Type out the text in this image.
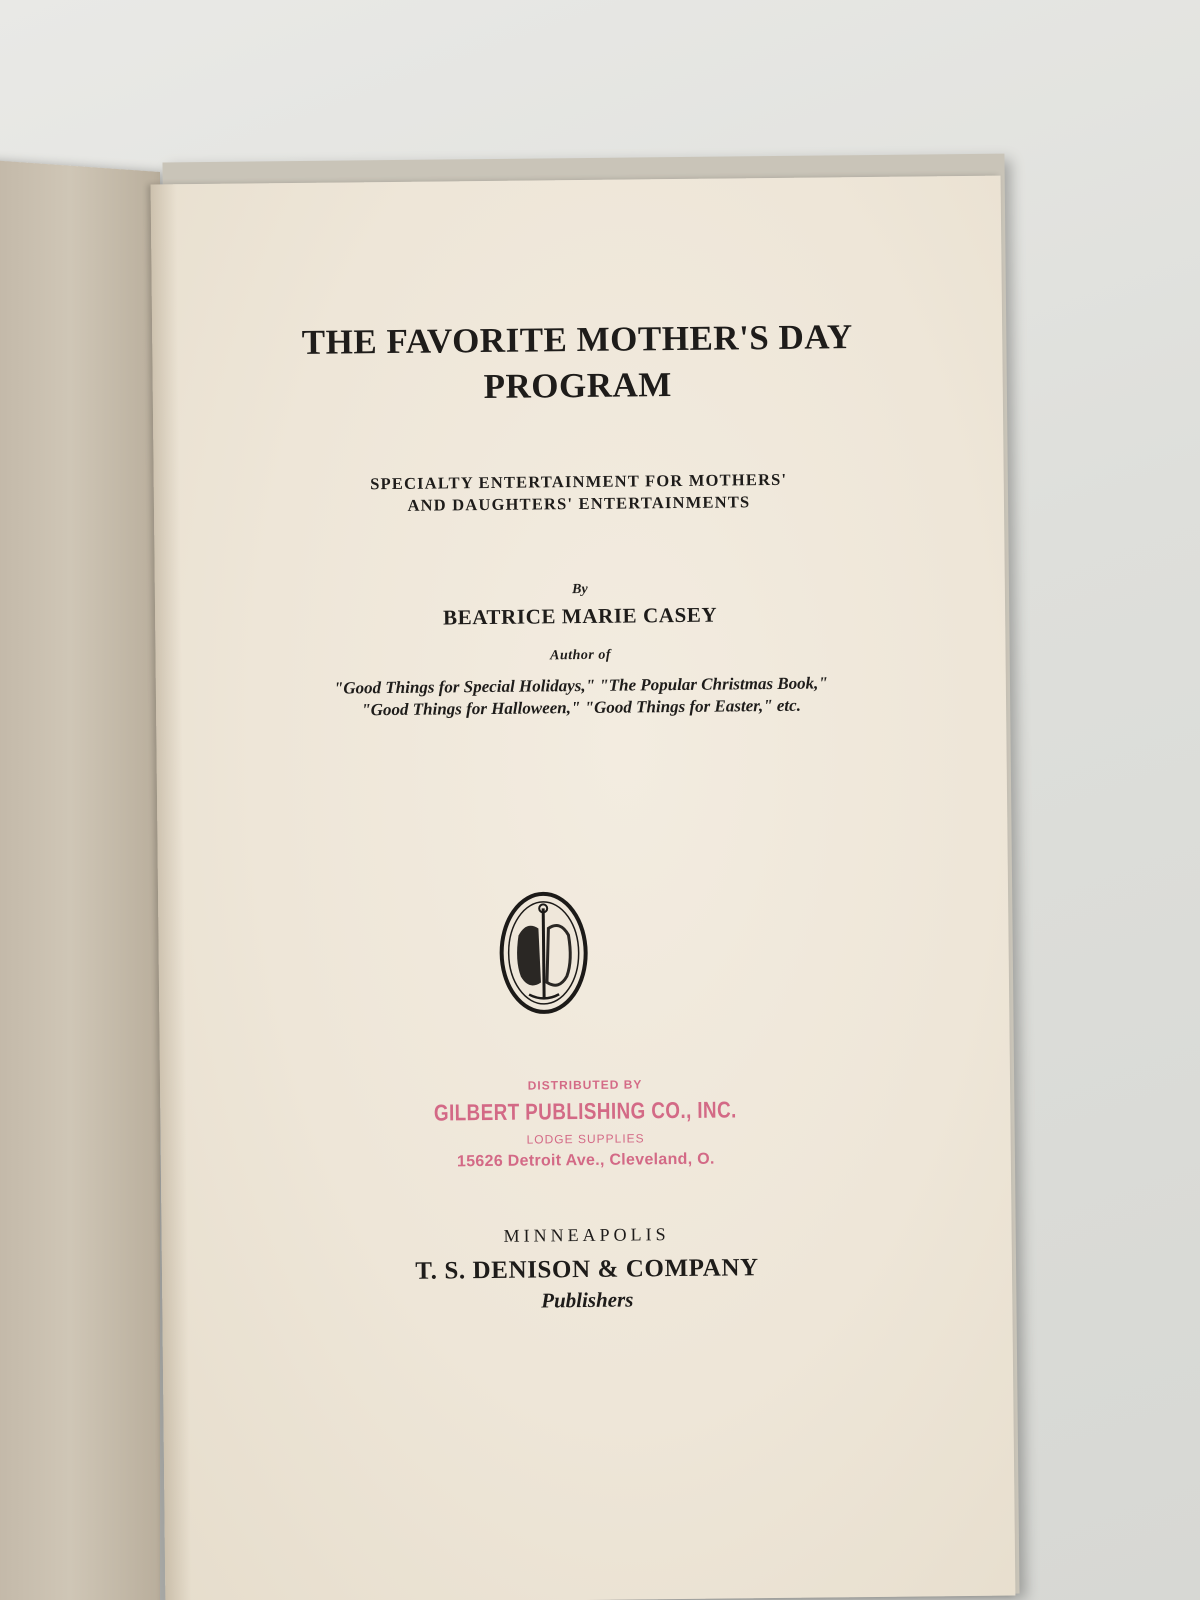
THE FAVORITE MOTHER'S DAY
PROGRAM
SPECIALTY ENTERTAINMENT FOR MOTHERS'
AND DAUGHTERS' ENTERTAINMENTS
By
BEATRICE MARIE CASEY
Author of
"Good Things for Special Holidays," "The Popular Christmas Book,"
"Good Things for Halloween," "Good Things for Easter," etc.
DISTRIBUTED BY
GILBERT PUBLISHING CO., INC.
LODGE SUPPLIES
15626 Detroit Ave., Cleveland, O.
MINNEAPOLIS
T. S. DENISON & COMPANY
Publishers
